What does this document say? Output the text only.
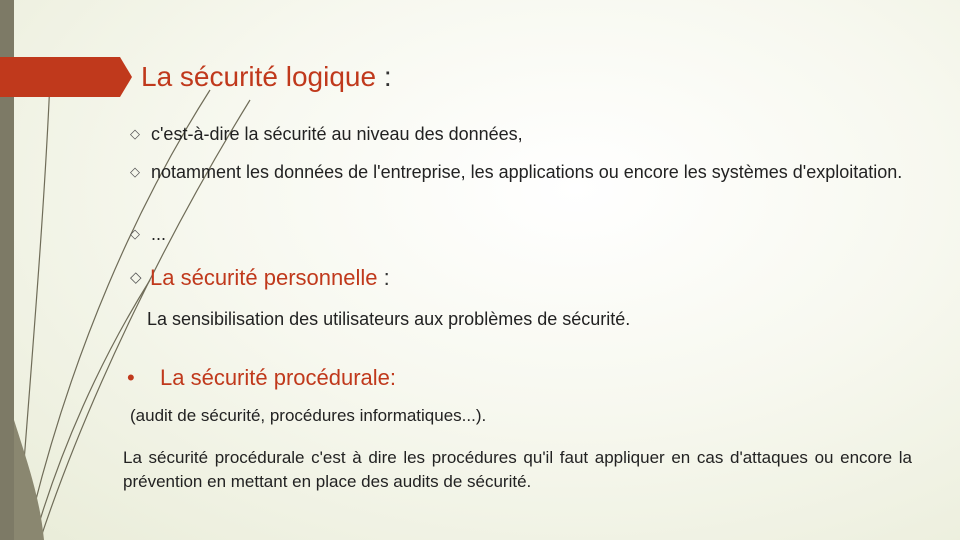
La sécurité logique :
◇ c'est-à-dire la sécurité au niveau des données,
◇ notamment les données de l'entreprise, les applications ou encore les systèmes d'exploitation.
◇ ...
◇ La sécurité personnelle :
La sensibilisation des utilisateurs aux problèmes de sécurité.
• La sécurité procédurale:
(audit de sécurité, procédures informatiques...).
La sécurité procédurale c'est à dire les procédures qu'il faut appliquer en cas d'attaques ou encore la prévention en mettant en place des audits de sécurité.
